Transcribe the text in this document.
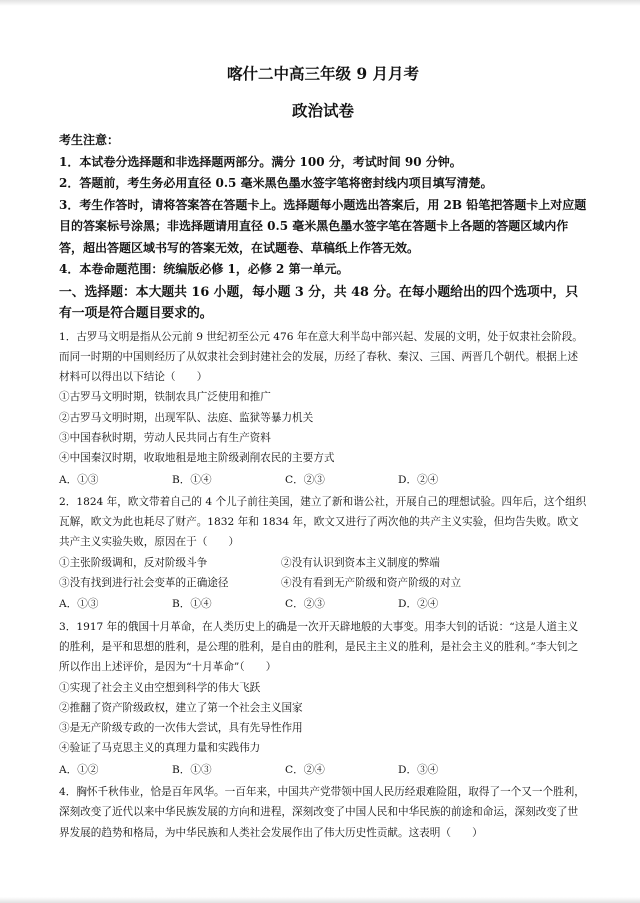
喀什二中高三年级 9 月月考

政治试卷

考生注意：

1．本试卷分选择题和非选择题两部分。满分 100 分，考试时间 90 分钟。

2．答题前，考生务必用直径 0.5 毫米黑色墨水签字笔将密封线内项目填写清楚。

3．考生作答时，请将答案答在答题卡上。选择题每小题选出答案后，用 2B 铅笔把答题卡上对应题目的答案标号涂黑；非选择题请用直径 0.5 毫米黑色墨水签字笔在答题卡上各题的答题区域内作答，超出答题区域书写的答案无效，在试题卷、草稿纸上作答无效。

4．本卷命题范围：统编版必修 1，必修 2 第一单元。

一、选择题：本大题共 16 小题，每小题 3 分，共 48 分。在每小题给出的四个选项中，只有一项是符合题目要求的。

1．古罗马文明是指从公元前 9 世纪初至公元 476 年在意大利半岛中部兴起、发展的文明，处于奴隶社会阶段。而同一时期的中国则经历了从奴隶社会到封建社会的发展，历经了春秋、秦汉、三国、两晋几个朝代。根据上述材料可以得出以下结论（　　）

①古罗马文明时期，铁制农具广泛使用和推广

②古罗马文明时期，出现军队、法庭、监狱等暴力机关

③中国春秋时期，劳动人民共同占有生产资料

④中国秦汉时期，收取地租是地主阶级剥削农民的主要方式

A．①③	B．①④	C．②③	D．②④

2．1824 年，欧文带着自己的 4 个儿子前往美国，建立了新和谐公社，开展自己的理想试验。四年后，这个组织瓦解，欧文为此也耗尽了财产。1832 年和 1834 年，欧文又进行了两次他的共产主义实验，但均告失败。欧文共产主义实验失败，原因在于（　　）

①主张阶级调和，反对阶级斗争	②没有认识到资本主义制度的弊端
③没有找到进行社会变革的正确途径	④没有看到无产阶级和资产阶级的对立
A．①③	B．①④	C．②③	D．②④

3．1917 年的俄国十月革命，在人类历史上的确是一次开天辟地般的大事变。用李大钊的话说：“这是人道主义的胜利，是平和思想的胜利，是公理的胜利，是自由的胜利，是民主主义的胜利，是社会主义的胜利。”李大钊之所以作出上述评价，是因为“十月革命”（　　）

①实现了社会主义由空想到科学的伟大飞跃

②推翻了资产阶级政权，建立了第一个社会主义国家

③是无产阶级专政的一次伟大尝试，具有先导性作用

④验证了马克思主义的真理力量和实践伟力

A．①②	B．①③	C．②④	D．③④

4．胸怀千秋伟业，恰是百年风华。一百年来，中国共产党带领中国人民历经艰难险阻，取得了一个又一个胜利，深刻改变了近代以来中华民族发展的方向和进程，深刻改变了中国人民和中华民族的前途和命运，深刻改变了世界发展的趋势和格局，为中华民族和人类社会发展作出了伟大历史性贡献。这表明（　　）
